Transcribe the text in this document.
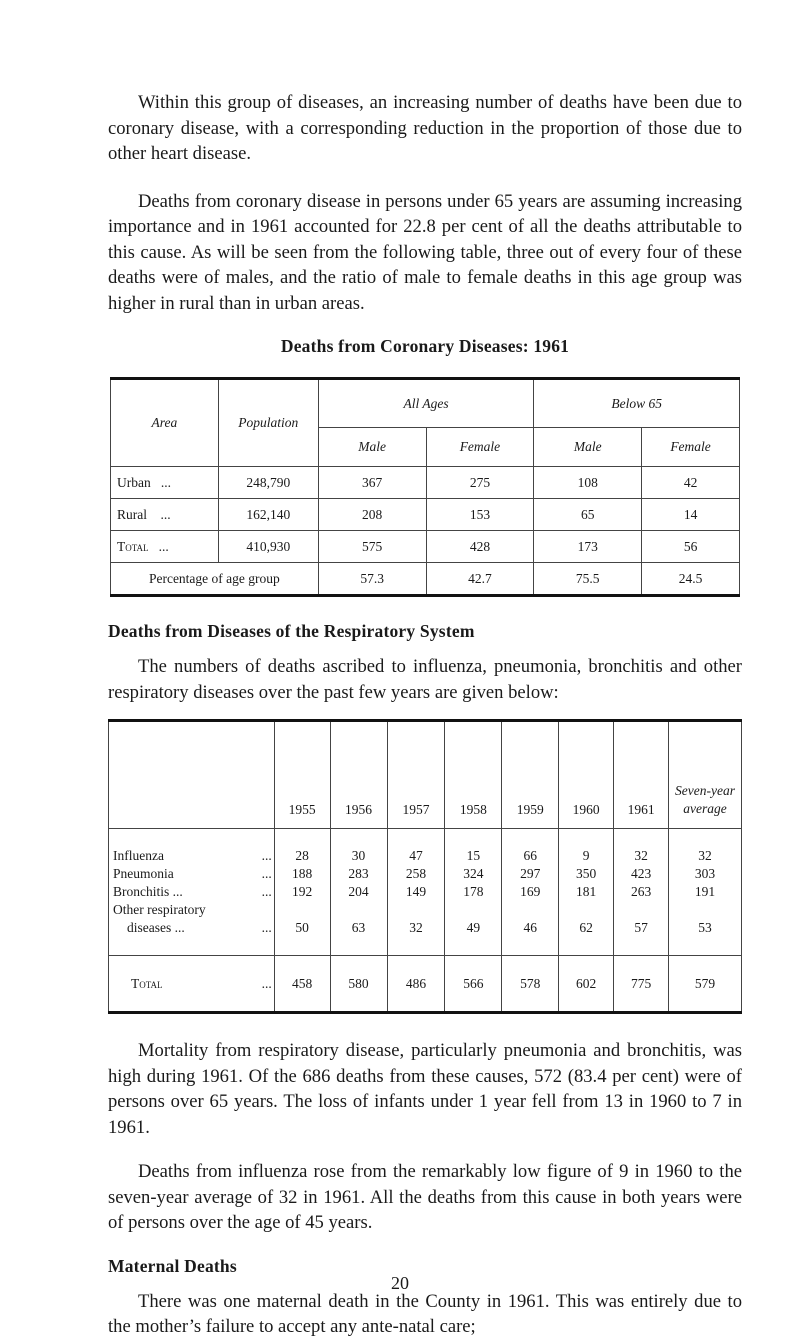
Within this group of diseases, an increasing number of deaths have been due to coronary disease, with a corresponding reduction in the proportion of those due to other heart disease.

Deaths from coronary disease in persons under 65 years are assuming increasing importance and in 1961 accounted for 22.8 per cent of all the deaths attributable to this cause. As will be seen from the following table, three out of every four of these deaths were of males, and the ratio of male to female deaths in this age group was higher in rural than in urban areas.

Deaths from Coronary Diseases: 1961
Area	Population	All Ages		Below 65	
		Male	Female	Male	Female
Urban ...	248,790	367	275	108	42
Rural ...	162,140	208	153	65	14
Total ...	410,930	575	428	173	56
Percentage of age group		57.3	42.7	75.5	24.5
Deaths from Diseases of the Respiratory System

The numbers of deaths ascribed to influenza, pneumonia, bronchitis and other respiratory diseases over the past few years are given below:

	1955	1956	1957	1958	1959	1960	1961	Seven-year
average
Influenza ...	28	30	47	15	66	9	32	32
Pneumonia ...	188	283	258	324	297	350	423	303
Bronchitis ... ...	192	204	149	178	169	181	263	191
Other respiratory
diseases ... ...	50	63	32	49	46	62	57	53
Total ...	458	580	486	566	578	602	775	579

Mortality from respiratory disease, particularly pneumonia and bronchitis, was high during 1961. Of the 686 deaths from these causes, 572 (83.4 per cent) were of persons over 65 years. The loss of infants under 1 year fell from 13 in 1960 to 7 in 1961.

Deaths from influenza rose from the remarkably low figure of 9 in 1960 to the seven-year average of 32 in 1961. All the deaths from this cause in both years were of persons over the age of 45 years.

Maternal Deaths

There was one maternal death in the County in 1961. This was entirely due to the mother’s failure to accept any ante-natal care;

20
